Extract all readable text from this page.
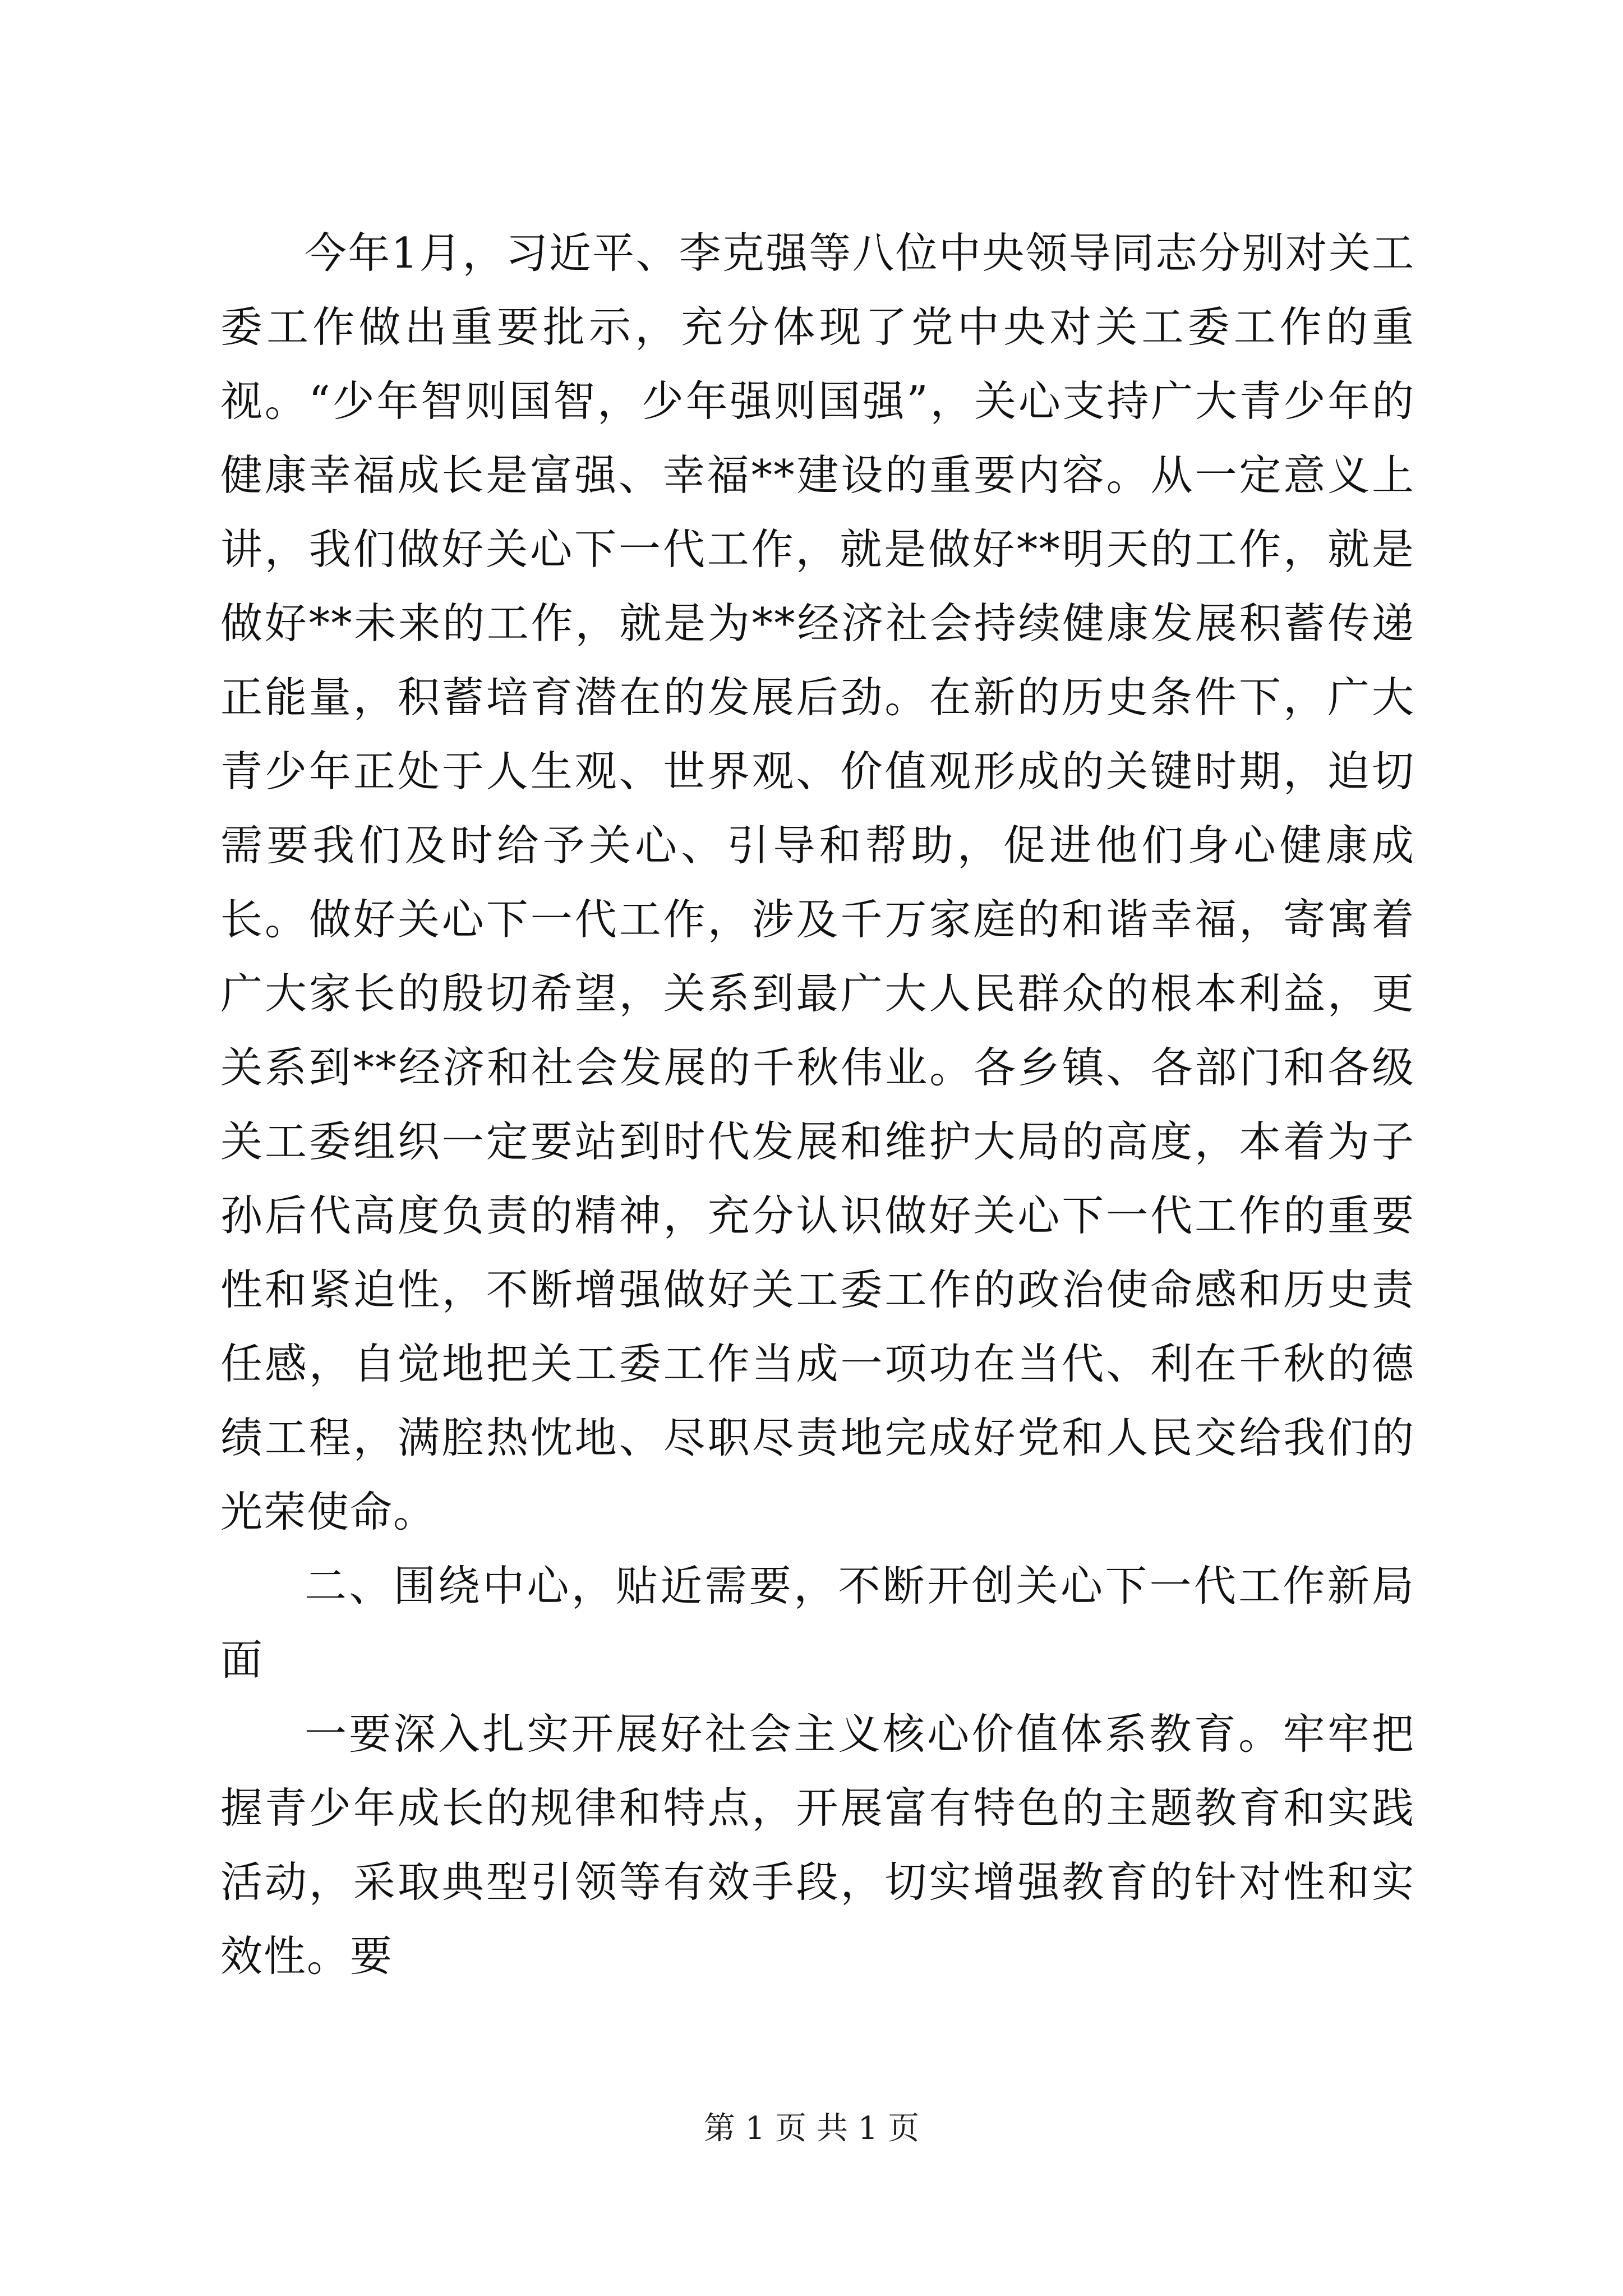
今年1月，习近平、李克强等八位中央领导同志分别对关工委工作做出重要批示，充分体现了党中央对关工委工作的重视。“少年智则国智，少年强则国强”，关心支持广大青少年的健康幸福成长是富强、幸福**建设的重要内容。从一定意义上讲，我们做好关心下一代工作，就是做好**明天的工作，就是做好**未来的工作，就是为**经济社会持续健康发展积蓄传递正能量，积蓄培育潜在的发展后劲。在新的历史条件下，广大青少年正处于人生观、世界观、价值观形成的关键时期，迫切需要我们及时给予关心、引导和帮助，促进他们身心健康成长。做好关心下一代工作，涉及千万家庭的和谐幸福，寄寓着广大家长的殷切希望，关系到最广大人民群众的根本利益，更关系到**经济和社会发展的千秋伟业。各乡镇、各部门和各级关工委组织一定要站到时代发展和维护大局的高度，本着为子孙后代高度负责的精神，充分认识做好关心下一代工作的重要性和紧迫性，不断增强做好关工委工作的政治使命感和历史责任感，自觉地把关工委工作当成一项功在当代、利在千秋的德绩工程，满腔热忱地、尽职尽责地完成好党和人民交给我们的光荣使命。

二、围绕中心，贴近需要，不断开创关心下一代工作新局面

一要深入扎实开展好社会主义核心价值体系教育。牢牢把握青少年成长的规律和特点，开展富有特色的主题教育和实践活动，采取典型引领等有效手段，切实增强教育的针对性和实效性。要

第 1 页 共 1 页
